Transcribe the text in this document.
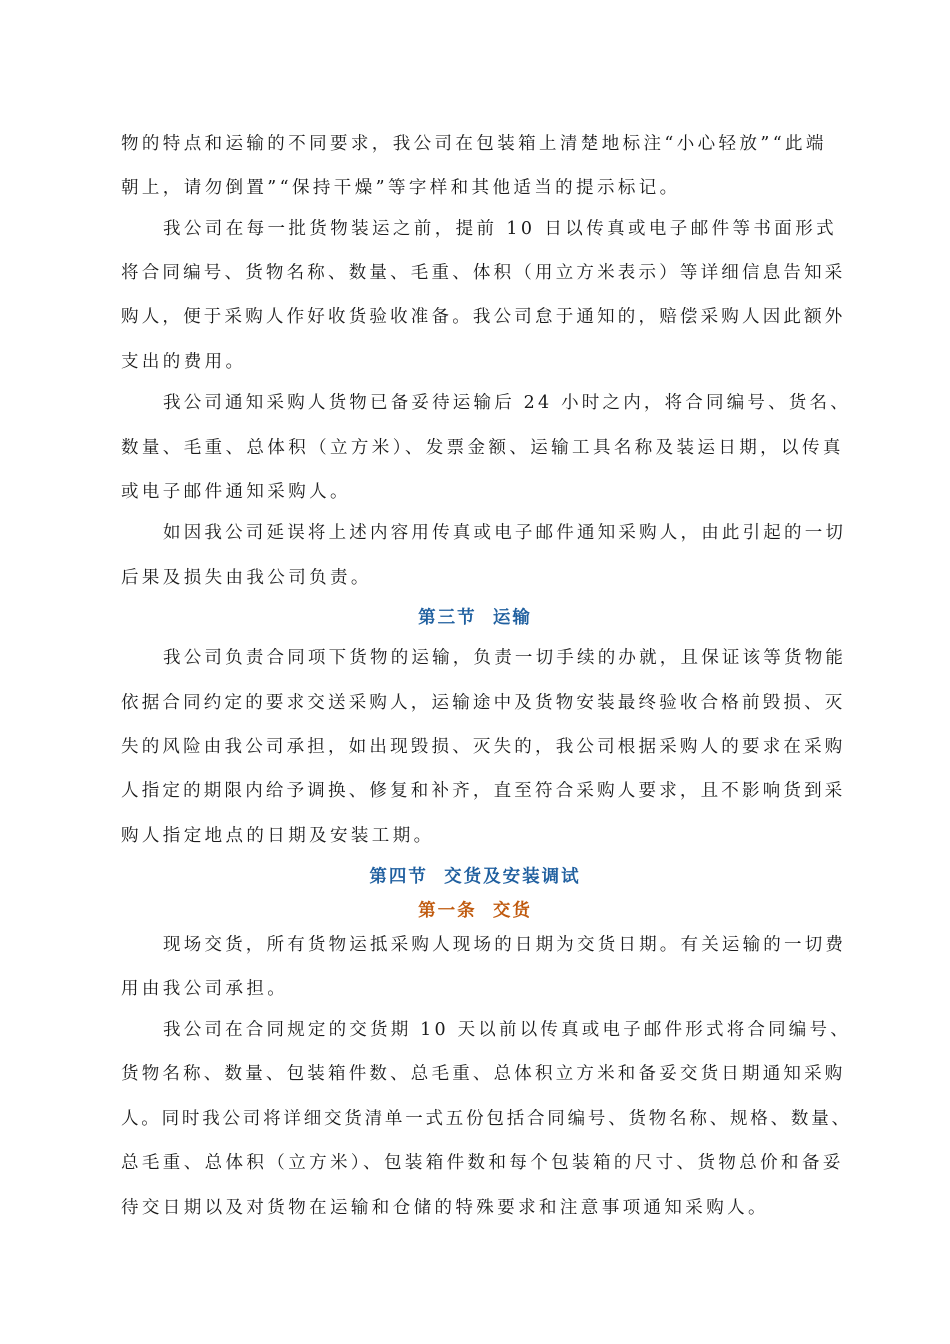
物的特点和运输的不同要求，我公司在包装箱上清楚地标注“小心轻放”“此端
朝上，请勿倒置”“保持干燥”等字样和其他适当的提示标记。
我公司在每一批货物装运之前，提前 10 日以传真或电子邮件等书面形式
将合同编号、货物名称、数量、毛重、体积（用立方米表示）等详细信息告知采
购人，便于采购人作好收货验收准备。我公司怠于通知的，赔偿采购人因此额外
支出的费用。
我公司通知采购人货物已备妥待运输后 24 小时之内，将合同编号、货名、
数量、毛重、总体积（立方米）、发票金额、运输工具名称及装运日期，以传真
或电子邮件通知采购人。
如因我公司延误将上述内容用传真或电子邮件通知采购人，由此引起的一切
后果及损失由我公司负责。
第三节  运输
我公司负责合同项下货物的运输，负责一切手续的办就，且保证该等货物能
依据合同约定的要求交送采购人，运输途中及货物安装最终验收合格前毁损、灭
失的风险由我公司承担，如出现毁损、灭失的，我公司根据采购人的要求在采购
人指定的期限内给予调换、修复和补齐，直至符合采购人要求，且不影响货到采
购人指定地点的日期及安装工期。
第四节  交货及安装调试
第一条  交货
现场交货，所有货物运抵采购人现场的日期为交货日期。有关运输的一切费
用由我公司承担。
我公司在合同规定的交货期 10 天以前以传真或电子邮件形式将合同编号、
货物名称、数量、包装箱件数、总毛重、总体积立方米和备妥交货日期通知采购
人。同时我公司将详细交货清单一式五份包括合同编号、货物名称、规格、数量、
总毛重、总体积（立方米）、包装箱件数和每个包装箱的尺寸、货物总价和备妥
待交日期以及对货物在运输和仓储的特殊要求和注意事项通知采购人。
